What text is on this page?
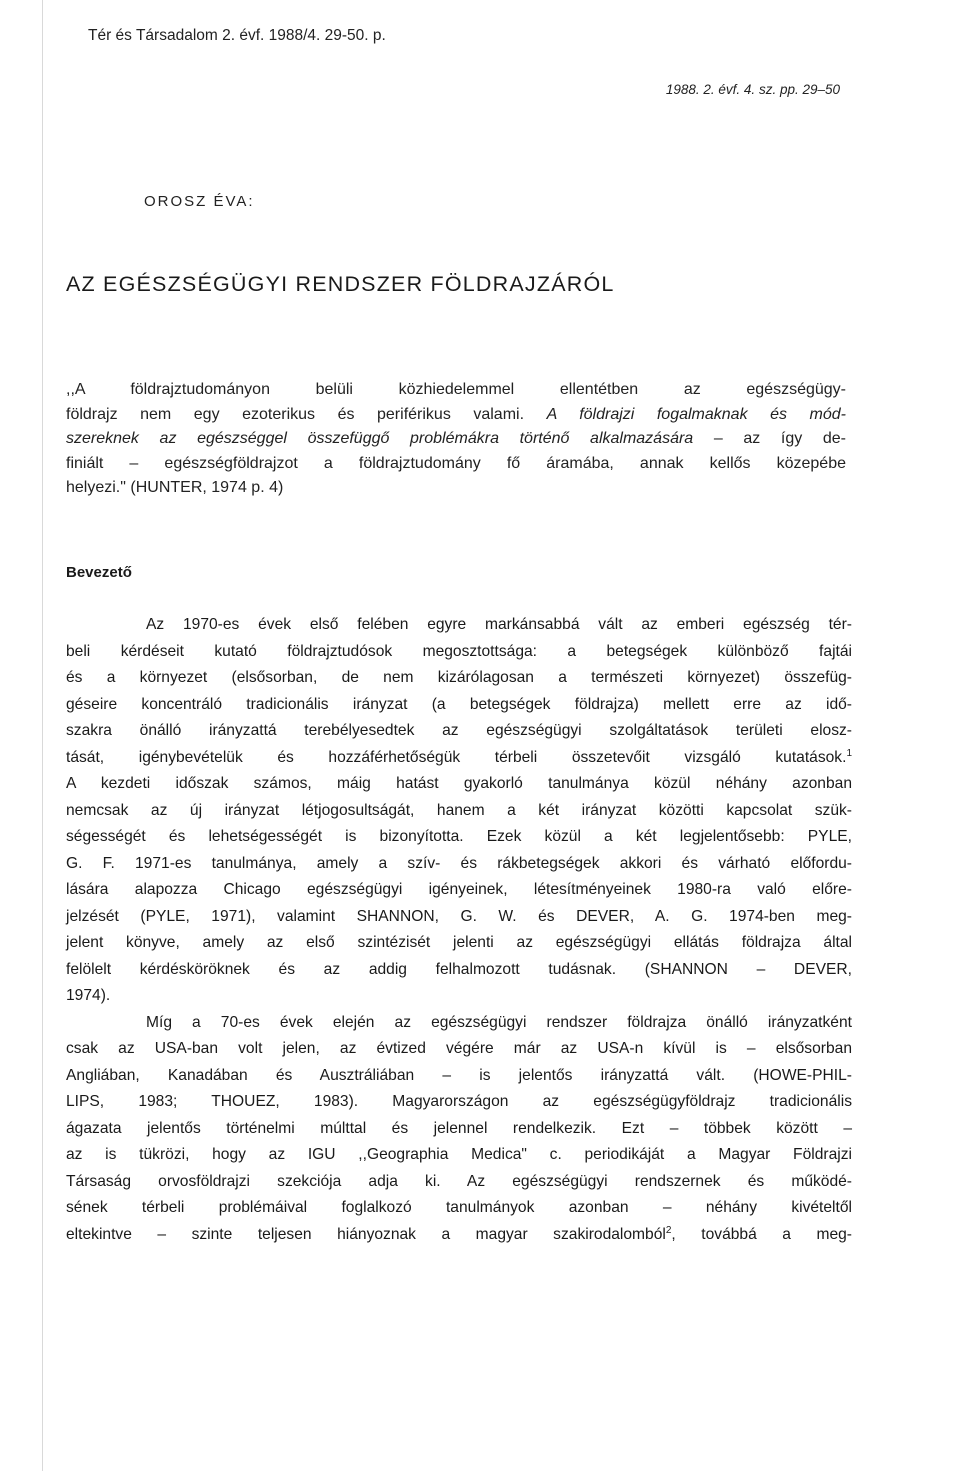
Tér és Társadalom 2. évf. 1988/4. 29-50. p.
1988. 2. évf. 4. sz. pp. 29–50
OROSZ ÉVA:
AZ EGÉSZSÉGÜGYI RENDSZER FÖLDRAJZÁRÓL
,,A földrajztudományon belüli közhiedelemmel ellentétben az egészségügy-
földrajz nem egy ezoterikus és periférikus valami. A földrajzi fogalmaknak és mód-
szereknek az egészséggel összefüggő problémákra történő alkalmazására – az így de-
finiált – egészségföldrajzot a földrajztudomány fő áramába, annak kellős közepébe
helyezi." (HUNTER, 1974 p. 4)
Bevezető
Az 1970-es évek első felében egyre markánsabbá vált az emberi egészség tér-
beli kérdéseit kutató földrajztudósok megosztottsága: a betegségek különböző fajtái
és a környezet (elsősorban, de nem kizárólagosan a természeti környezet) összefüg-
géseire koncentráló tradicionális irányzat (a betegségek földrajza) mellett erre az idő-
szakra önálló irányzattá terebélyesedtek az egészségügyi szolgáltatások területi elosz-
tását, igénybevételük és hozzáférhetőségük térbeli összetevőit vizsgáló kutatások.$^1$
A kezdeti időszak számos, máig hatást gyakorló tanulmánya közül néhány azonban
nemcsak az új irányzat létjogosultságát, hanem a két irányzat közötti kapcsolat szük-
ségességét és lehetségességét is bizonyította. Ezek közül a két legjelentősebb: PYLE,
G. F. 1971-es tanulmánya, amely a szív- és rákbetegségek akkori és várható előfordu-
lására alapozza Chicago egészségügyi igényeinek, létesítményeinek 1980-ra való előre-
jelzését (PYLE, 1971), valamint SHANNON, G. W. és DEVER, A. G. 1974-ben meg-
jelent könyve, amely az első szintézisét jelenti az egészségügyi ellátás földrajza által
felölelt kérdésköröknek és az addig felhalmozott tudásnak. (SHANNON – DEVER,
1974).
Míg a 70-es évek elején az egészségügyi rendszer földrajza önálló irányzatként
csak az USA-ban volt jelen, az évtized végére már az USA-n kívül is – elsősorban
Angliában, Kanadában és Ausztráliában – is jelentős irányzattá vált. (HOWE-PHIL-
LIPS, 1983; THOUEZ, 1983). Magyarországon az egészségügyföldrajz tradicionális
ágazata jelentős történelmi múlttal és jelennel rendelkezik. Ezt – többek között –
az is tükrözi, hogy az IGU ,,Geographia Medica" c. periodikáját a Magyar Földrajzi
Társaság orvosföldrajzi szekciója adja ki. Az egészségügyi rendszernek és működé-
sének térbeli problémáival foglalkozó tanulmányok azonban – néhány kivételtől
eltekintve – szinte teljesen hiányoznak a magyar szakirodalomból$^2$, továbbá a meg-
